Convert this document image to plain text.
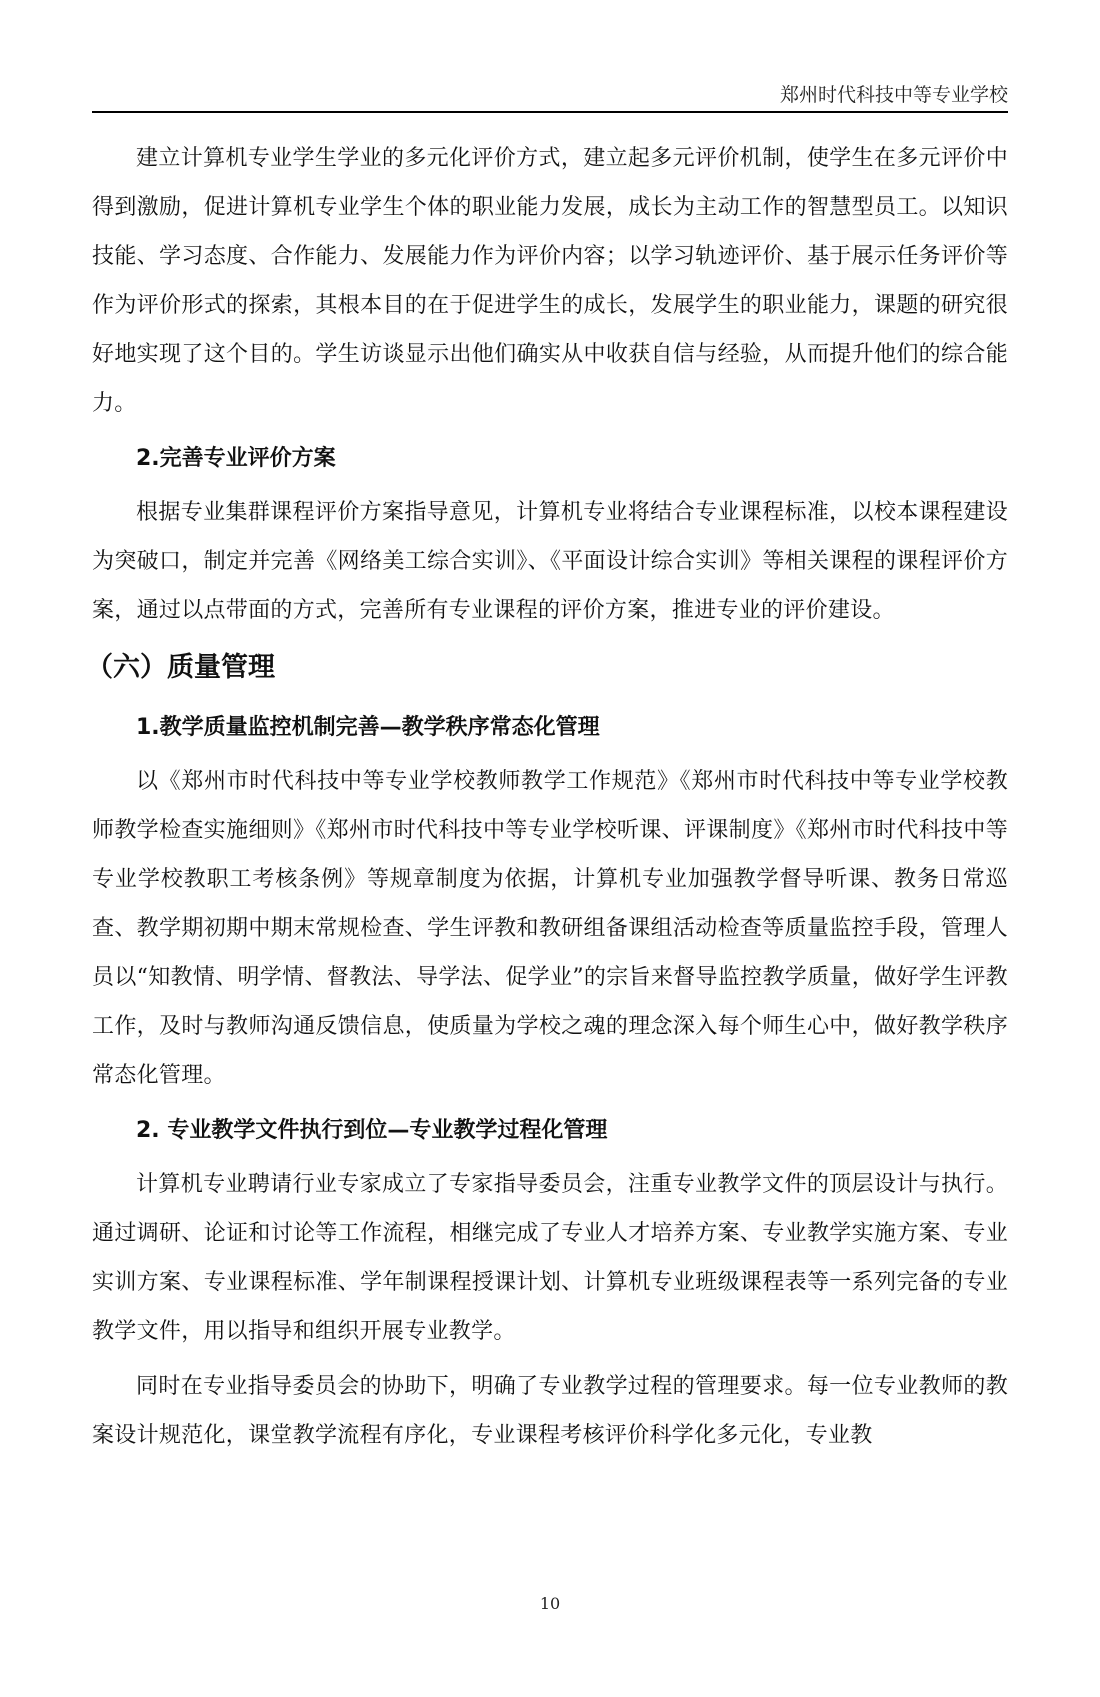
郑州时代科技中等专业学校

建立计算机专业学生学业的多元化评价方式，建立起多元评价机制，使学生在多元评价中得到激励，促进计算机专业学生个体的职业能力发展，成长为主动工作的智慧型员工。以知识技能、学习态度、合作能力、发展能力作为评价内容；以学习轨迹评价、基于展示任务评价等作为评价形式的探索，其根本目的在于促进学生的成长，发展学生的职业能力，课题的研究很好地实现了这个目的。学生访谈显示出他们确实从中收获自信与经验，从而提升他们的综合能力。

2.完善专业评价方案

根据专业集群课程评价方案指导意见，计算机专业将结合专业课程标准，以校本课程建设为突破口，制定并完善《网络美工综合实训》、《平面设计综合实训》等相关课程的课程评价方案，通过以点带面的方式，完善所有专业课程的评价方案，推进专业的评价建设。

（六）质量管理

1.教学质量监控机制完善—教学秩序常态化管理

以《郑州市时代科技中等专业学校教师教学工作规范》《郑州市时代科技中等专业学校教师教学检查实施细则》《郑州市时代科技中等专业学校听课、评课制度》《郑州市时代科技中等专业学校教职工考核条例》等规章制度为依据，计算机专业加强教学督导听课、教务日常巡查、教学期初期中期末常规检查、学生评教和教研组备课组活动检查等质量监控手段，管理人员以“知教情、明学情、督教法、导学法、促学业”的宗旨来督导监控教学质量，做好学生评教工作，及时与教师沟通反馈信息，使质量为学校之魂的理念深入每个师生心中，做好教学秩序常态化管理。

2. 专业教学文件执行到位—专业教学过程化管理

计算机专业聘请行业专家成立了专家指导委员会，注重专业教学文件的顶层设计与执行。通过调研、论证和讨论等工作流程，相继完成了专业人才培养方案、专业教学实施方案、专业实训方案、专业课程标准、学年制课程授课计划、计算机专业班级课程表等一系列完备的专业教学文件，用以指导和组织开展专业教学。

同时在专业指导委员会的协助下，明确了专业教学过程的管理要求。每一位专业教师的教案设计规范化，课堂教学流程有序化，专业课程考核评价科学化多元化，专业教

10
